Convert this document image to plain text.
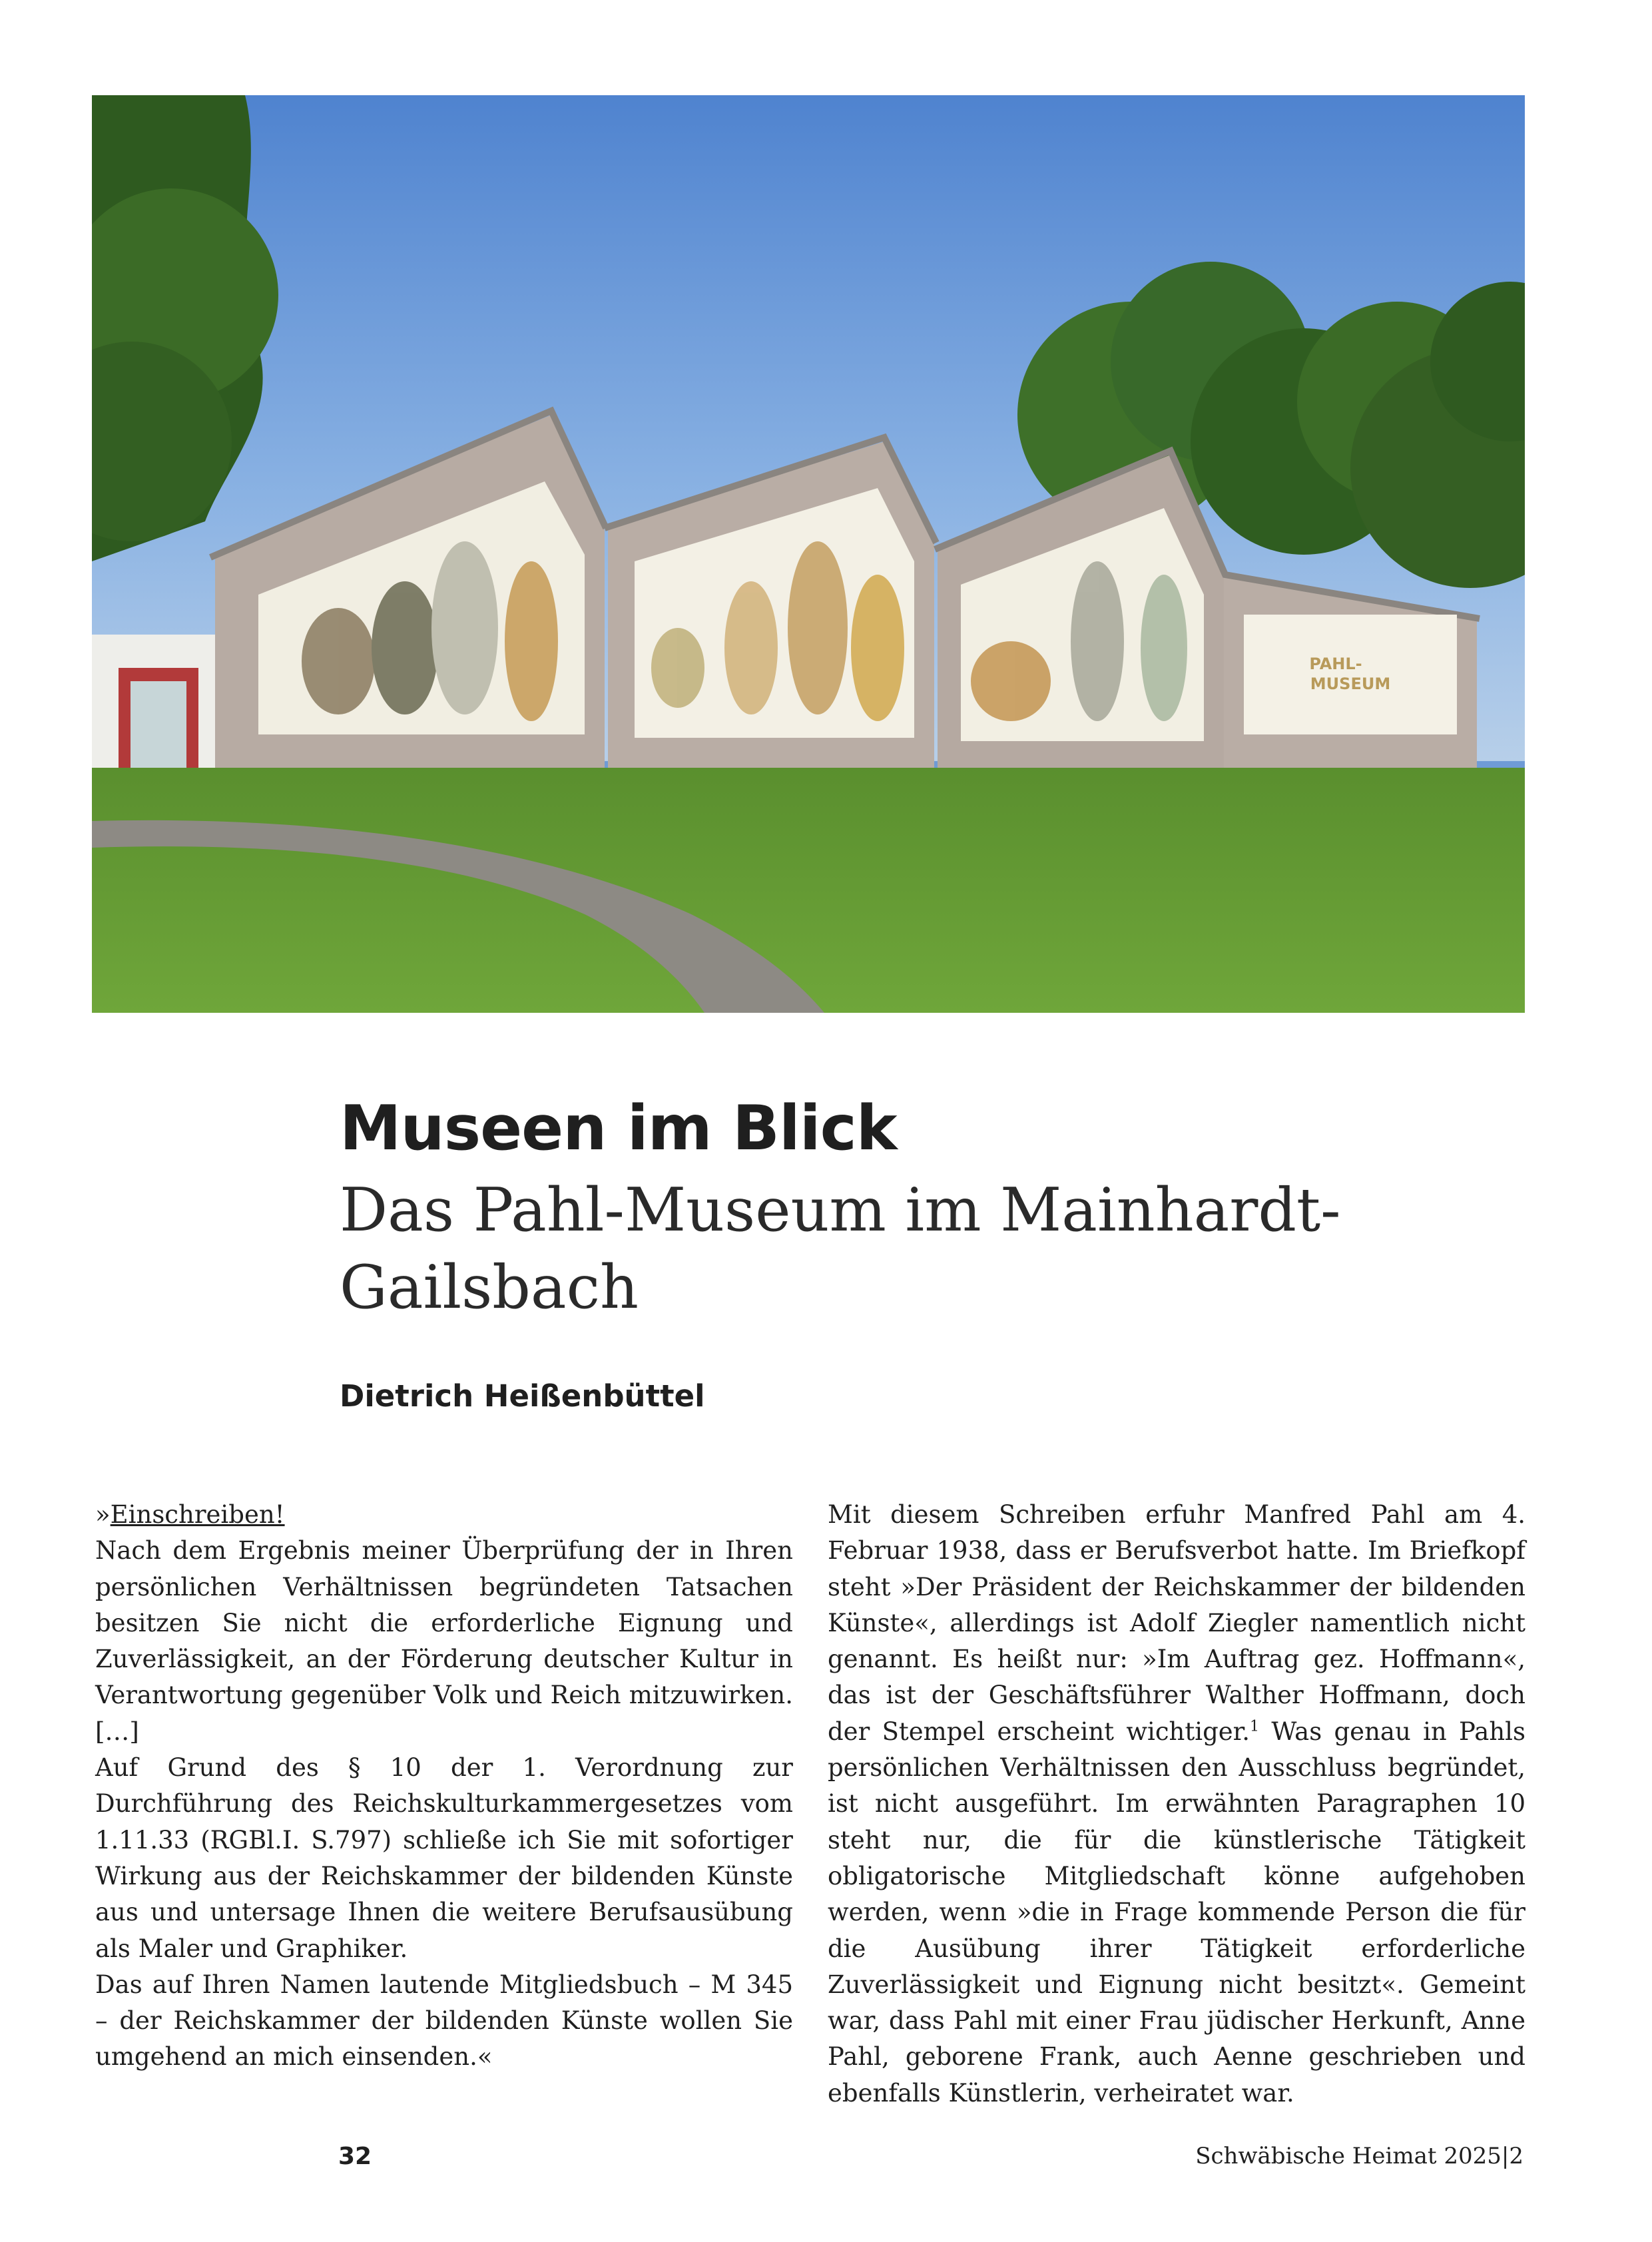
PAHL-
MUSEUM
Museen im Blick
Das Pahl-Museum im Mainhardt-Gailsbach

Dietrich Heißenbüttel

»Einschreiben!

Nach dem Ergebnis meiner Überprüfung der in Ihren persönlichen Verhältnissen begründeten Tatsachen besitzen Sie nicht die erforderliche Eignung und Zuverlässigkeit, an der Förderung deutscher Kultur in Verantwortung gegenüber Volk und Reich mitzuwirken. […]

Auf Grund des § 10 der 1. Verordnung zur Durchführung des Reichskulturkammergesetzes vom 1.11.33 (RGBl.I. S.797) schließe ich Sie mit sofortiger Wirkung aus der Reichskammer der bildenden Künste aus und untersage Ihnen die weitere Berufsausübung als Maler und Graphiker.

Das auf Ihren Namen lautende Mitgliedsbuch – M 345 – der Reichskammer der bildenden Künste wollen Sie umgehend an mich einsenden.«

Mit diesem Schreiben erfuhr Manfred Pahl am 4. Februar 1938, dass er Berufsverbot hatte. Im Briefkopf steht »Der Präsident der Reichskammer der bildenden Künste«, allerdings ist Adolf Ziegler namentlich nicht genannt. Es heißt nur: »Im Auftrag gez. Hoffmann«, das ist der Geschäftsführer Walther Hoffmann, doch der Stempel erscheint wichtiger.$^1$ Was genau in Pahls persönlichen Verhältnissen den Ausschluss begründet, ist nicht ausgeführt. Im erwähnten Paragraphen 10 steht nur, die für die künstlerische Tätigkeit obligatorische Mitgliedschaft könne aufgehoben werden, wenn »die in Frage kommende Person die für die Ausübung ihrer Tätigkeit erforderliche Zuverlässigkeit und Eignung nicht besitzt«. Gemeint war, dass Pahl mit einer Frau jüdischer Herkunft, Anne Pahl, geborene Frank, auch Aenne geschrieben und ebenfalls Künstlerin, verheiratet war.

32	Schwäbische Heimat 2025|2
